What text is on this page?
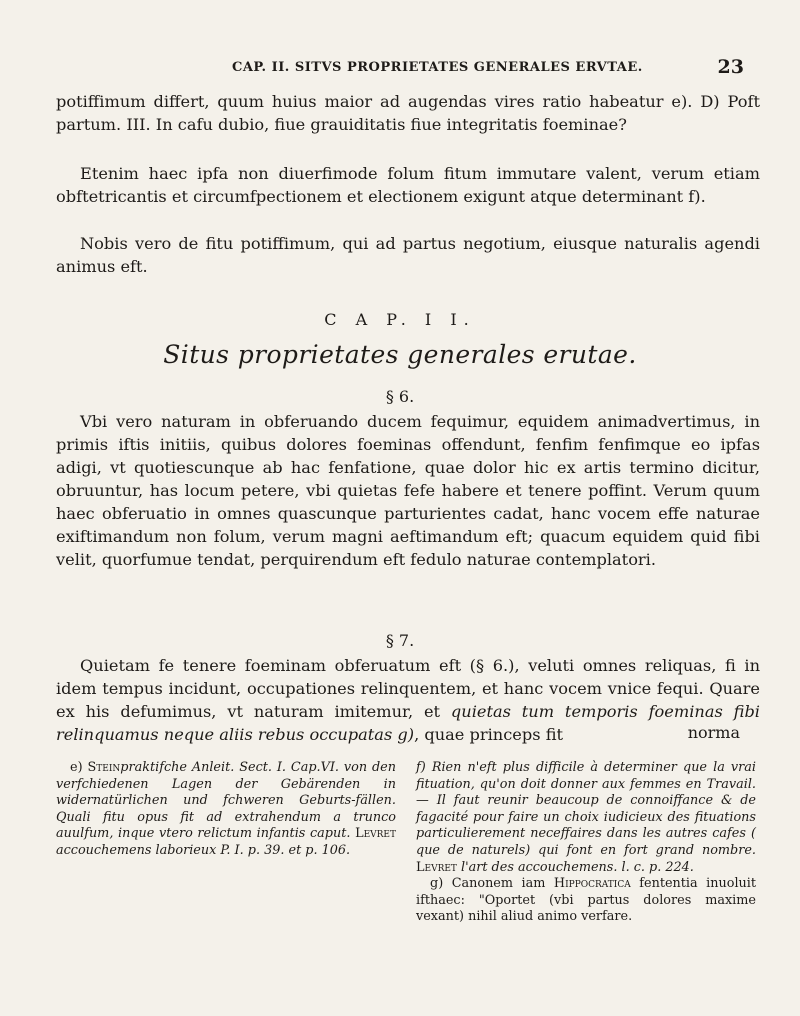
CAP. II. SITVS PROPRIETATES GENERALES ERVTAE.	23
potiffimum differt, quum huius maior ad augendas vires ratio habeatur e). D) Poft partum. III. In cafu dubio, fiue grauiditatis fiue integritatis foeminae?
Etenim haec ipfa non diuerfimode folum fitum immutare valent, verum etiam obftetricantis et circumfpectionem et electionem exigunt atque determinant f).
Nobis vero de fitu potiffimum, qui ad partus negotium, eiusque naturalis agendi animus eft.
C A P. I I.
Situs proprietates generales erutae.
§ 6.
Vbi vero naturam in obferuando ducem fequimur, equidem animadvertimus, in primis iftis initiis, quibus dolores foeminas offendunt, fenfim fenfimque eo ipfas adigi, vt quotiescunque ab hac fenfatione, quae dolor hic ex artis termino dicitur, obruuntur, has locum petere, vbi quietas fefe habere et tenere poffint. Verum quum haec obferuatio in omnes quascunque parturientes cadat, hanc vocem effe naturae exiftimandum non folum, verum magni aeftimandum eft; quacum equidem quid fibi velit, quorfumue tendat, perquirendum eft fedulo naturae contemplatori.
§ 7.
Quietam fe tenere foeminam obferuatum eft (§ 6.), veluti omnes reliquas, fi in idem tempus incidunt, occupationes relinquentem, et hanc vocem vnice fequi. Quare ex his defumimus, vt naturam imitemur, et quietas tum temporis foeminas fibi relinquamus neque aliis rebus occupatas g), quae princeps fit	norma
e) Steinpraktifche Anleit. Sect. I. Cap.VI. von den verfchiedenen Lagen der Gebärenden in widernatürlichen und fchweren Geburts-fällen. Quali fitu opus fit ad extrahendum a trunco auulfum, inque vtero relictum infantis caput. Levret accouchemens laborieux P. I. p. 39. et p. 106.
f) Rien n'eft plus difficile à determiner que la vrai fituation, qu'on doit donner aux femmes en Travail. — Il faut reunir beaucoup de connoiffance & de fagacité pour faire un choix iudicieux des fituations particulierement neceffaires dans les autres cafes ( que de naturels) qui font en fort grand nombre. Levret l'art des accouchemens. l. c. p. 224.
g) Canonem iam Hippocratica fententia inuoluit ifthaec: "Oportet (vbi partus dolores maxime vexant) nihil aliud animo verfare.
